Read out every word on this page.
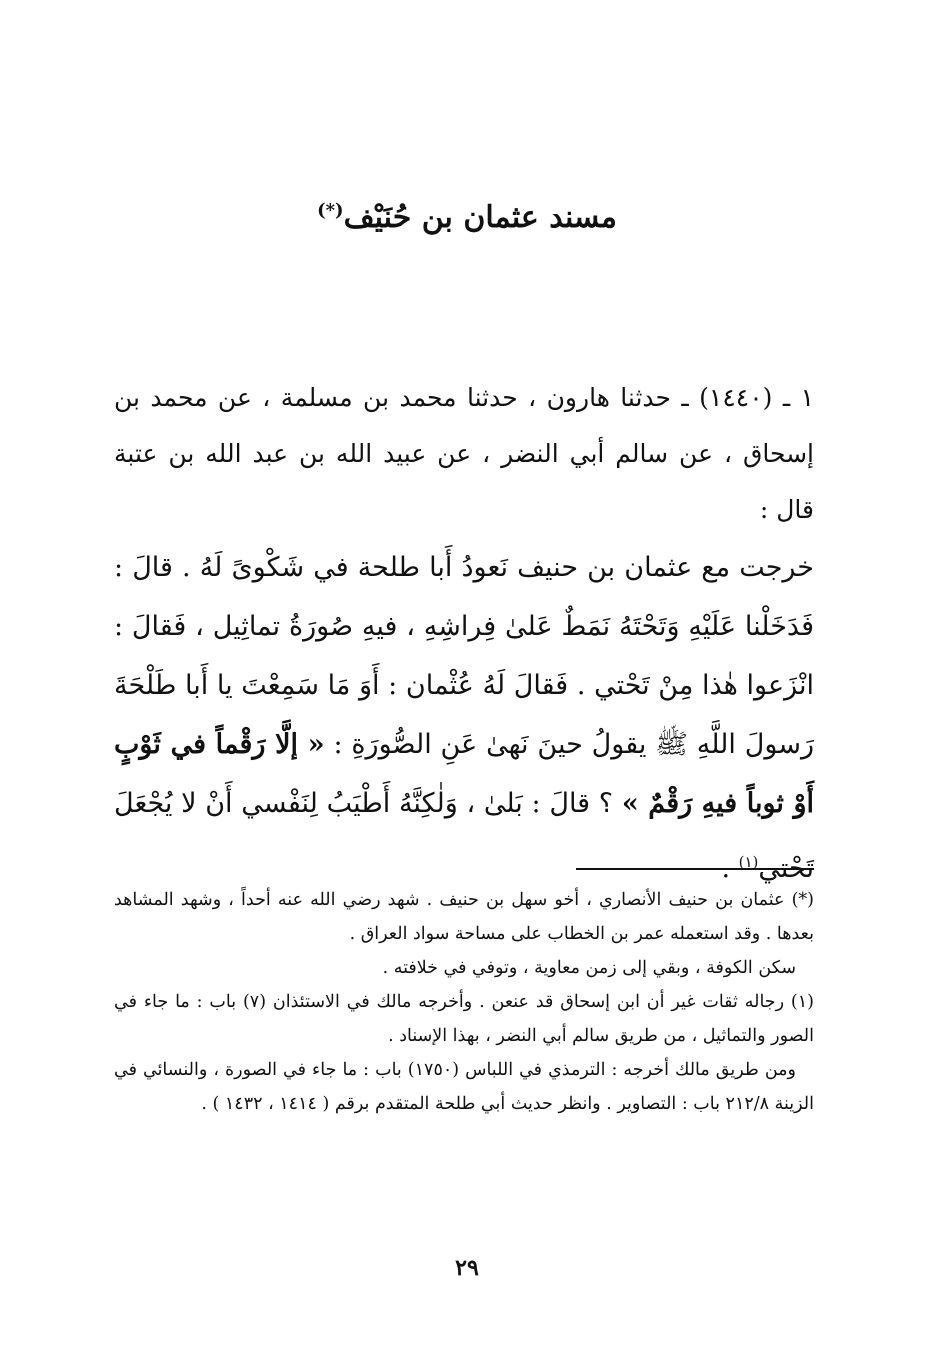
مسند عثمان بن حُنَيْف(*)
١ ـ (١٤٤٠) ـ حدثنا هارون ، حدثنا محمد بن مسلمة ، عن محمد بن إسحاق ، عن سالم أبي النضر ، عن عبيد الله بن عبد الله بن عتبة قال :
خرجت مع عثمان بن حنيف نَعودُ أَبا طلحة في شَكْوىً لَهُ . قالَ : فَدَخَلْنا عَلَيْهِ وَتَحْتَهُ نَمَطٌ عَلىٰ فِراشِهِ ، فيهِ صُورَةُ تماثِيل ، فَقالَ : انْزَعوا هٰذا مِنْ تَحْتي . فَقالَ لَهُ عُثْمان : أَوَ مَا سَمِعْتَ يا أَبا طَلْحَةَ رَسولَ اللَّهِ ﷺ يقولُ حينَ نَهىٰ عَنِ الصُّورَةِ : « إلَّا رَقْماً في ثَوْبٍ أَوْ ثوباً فيهِ رَقْمٌ » ؟ قالَ : بَلىٰ ، وَلٰكِنَّهُ أَطْيَبُ لِنَفْسي أَنْ لا يُجْعَلَ تَحْتي$^{(١)}$ .

(*) عثمان بن حنيف الأنصاري ، أخو سهل بن حنيف . شهد رضي الله عنه أحداً ، وشهد المشاهد بعدها . وقد استعمله عمر بن الخطاب على مساحة سواد العراق .

سكن الكوفة ، وبقي إلى زمن معاوية ، وتوفي في خلافته .

(١) رجاله ثقات غير أن ابن إسحاق قد عنعن . وأخرجه مالك في الاستئذان (٧) باب : ما جاء في الصور والتماثيل ، من طريق سالم أبي النضر ، بهذا الإسناد .

ومن طريق مالك أخرجه : الترمذي في اللباس (١٧٥٠) باب : ما جاء في الصورة ، والنسائي في الزينة ٢١٢/٨ باب : التصاوير . وانظر حديث أبي طلحة المتقدم برقم ( ١٤١٤ ، ١٤٣٢ ) .

٢٩
